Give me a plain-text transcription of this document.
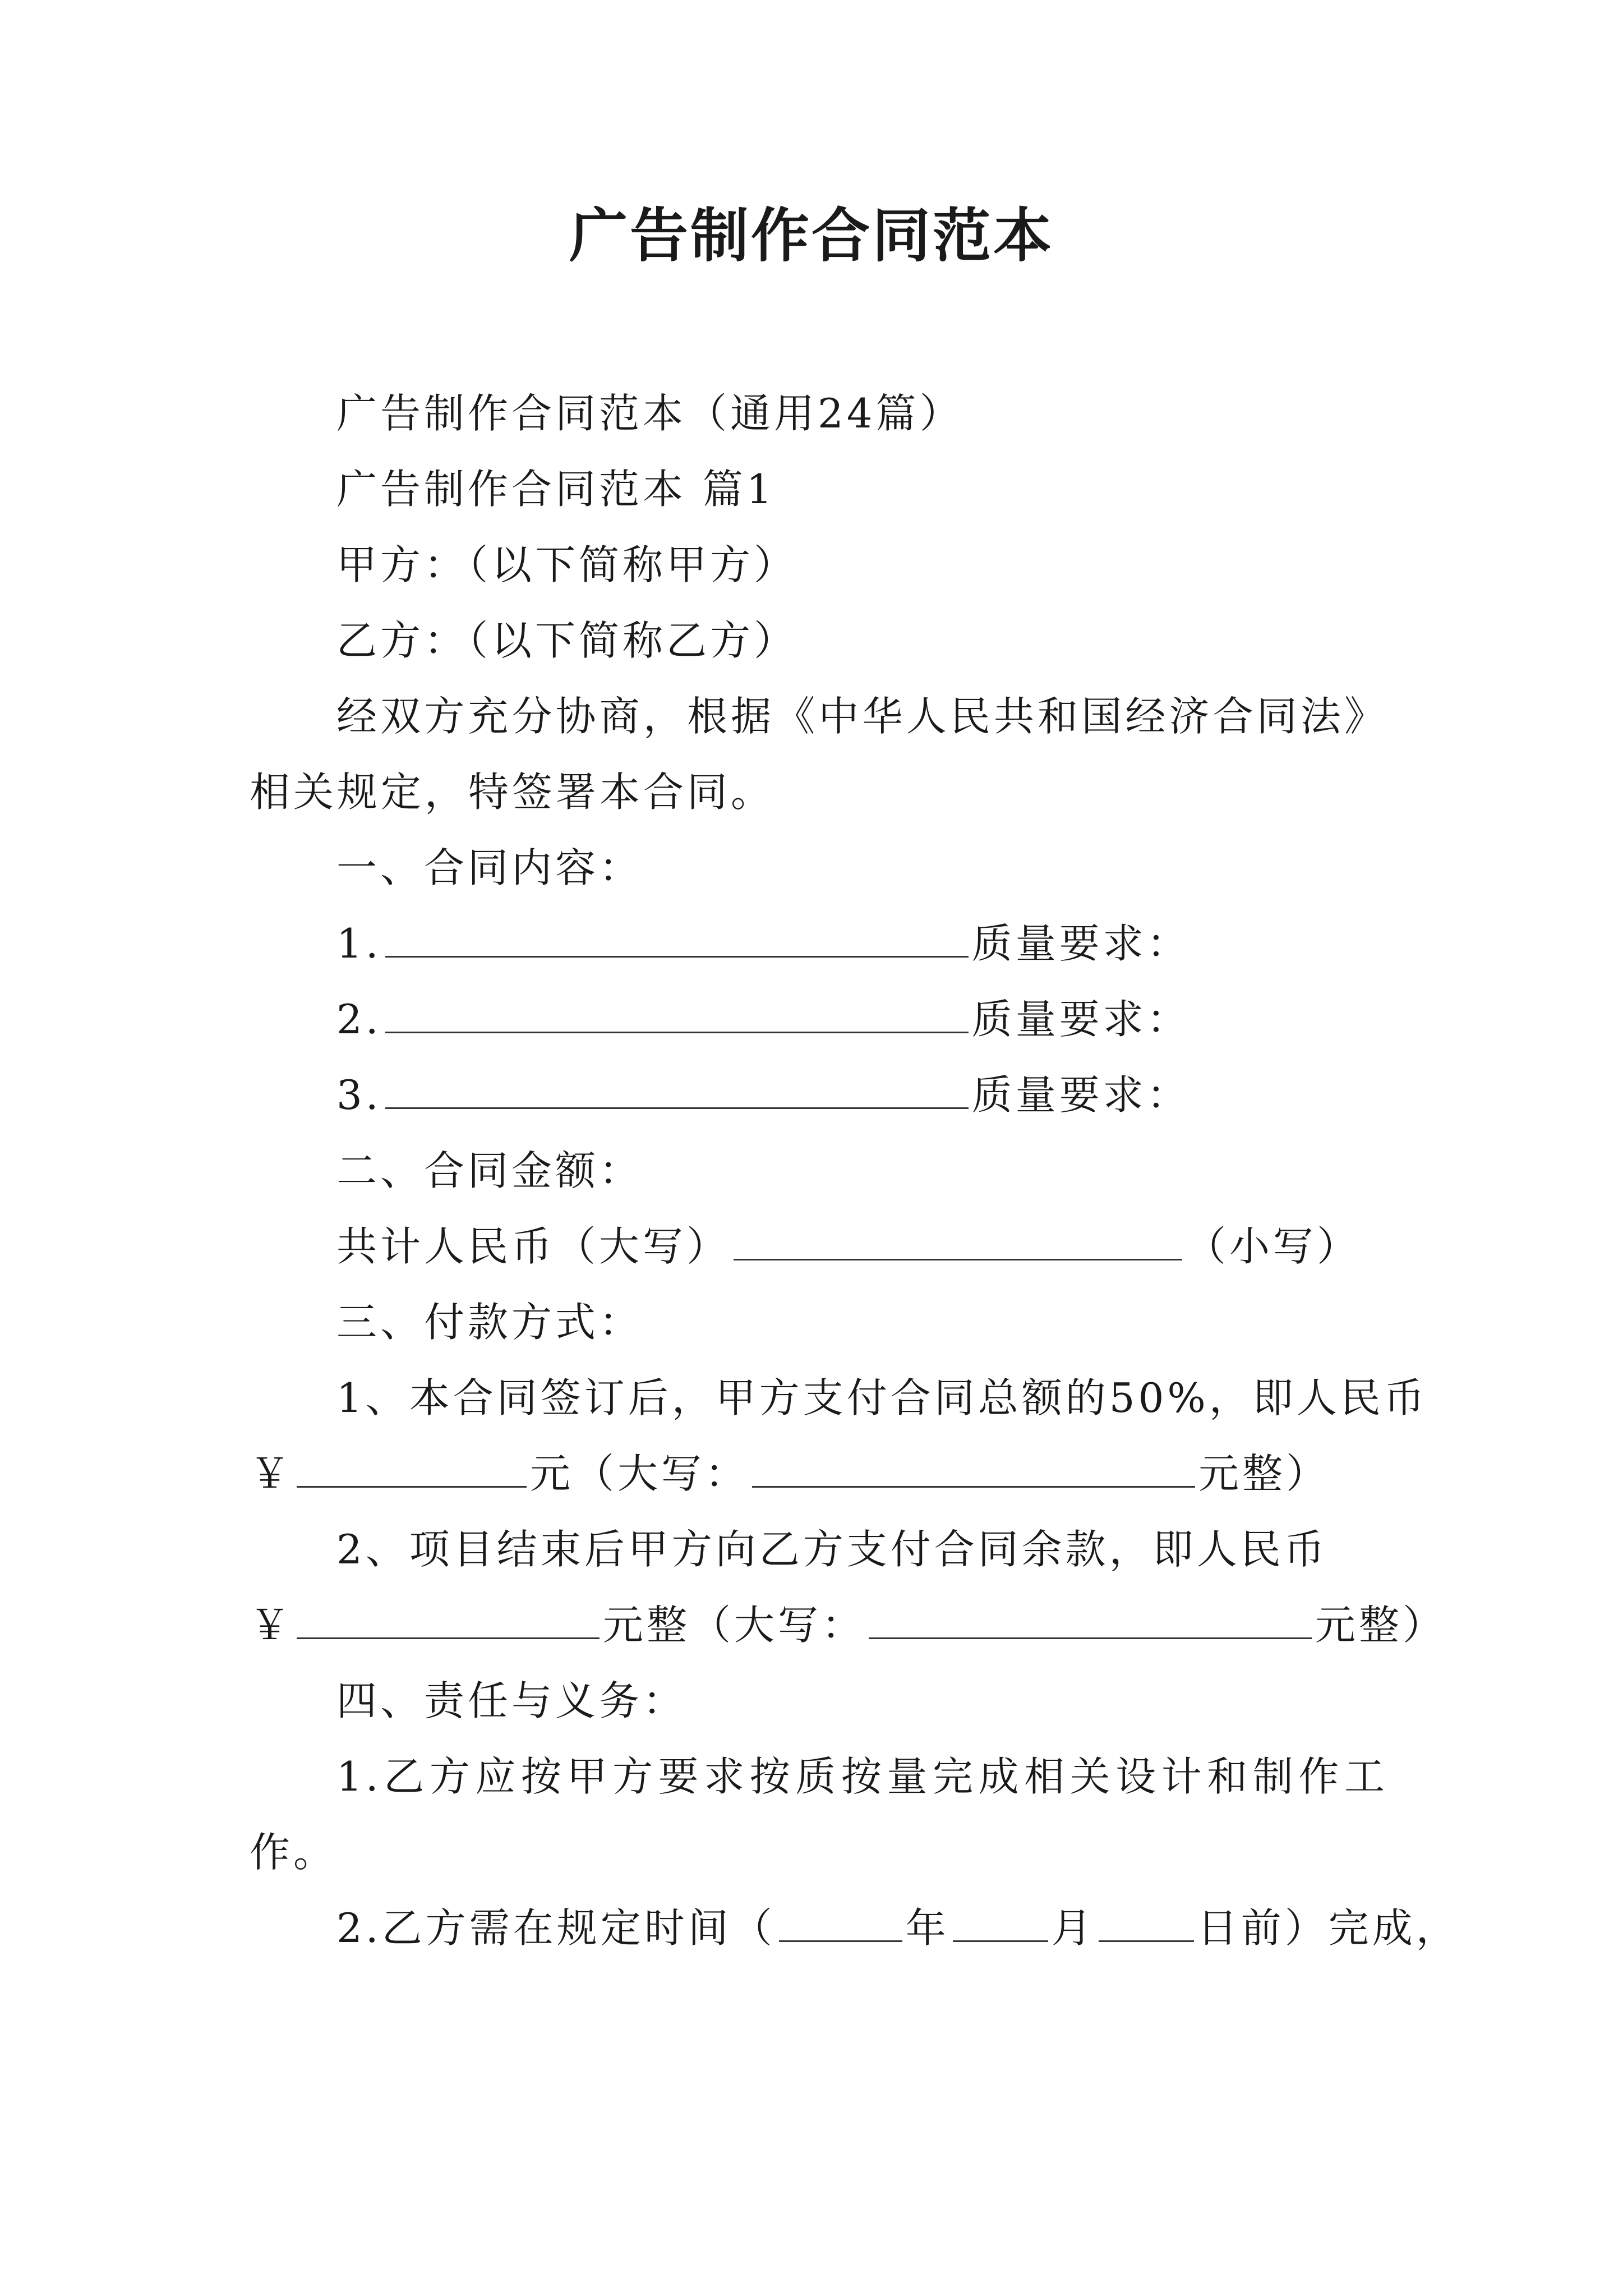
广告制作合同范本

广告制作合同范本（通用24篇）

广告制作合同范本 篇1

甲方：（以下简称甲方）

乙方：（以下简称乙方）

经双方充分协商，根据《中华人民共和国经济合同法》相关规定，特签署本合同。

一、合同内容：

1.	质量要求：

2.	质量要求：

3.	质量要求：

二、合同金额：

共计人民币（大写）	（小写）

三、付款方式：

1、本合同签订后，甲方支付合同总额的50%，即人民币

￥	元（大写：	元整）

2、项目结束后甲方向乙方支付合同余款，即人民币

￥	元整（大写：	元整）

四、责任与义务：

1.乙方应按甲方要求按质按量完成相关设计和制作工作。

2.乙方需在规定时间（	年	月	日前）完成，
